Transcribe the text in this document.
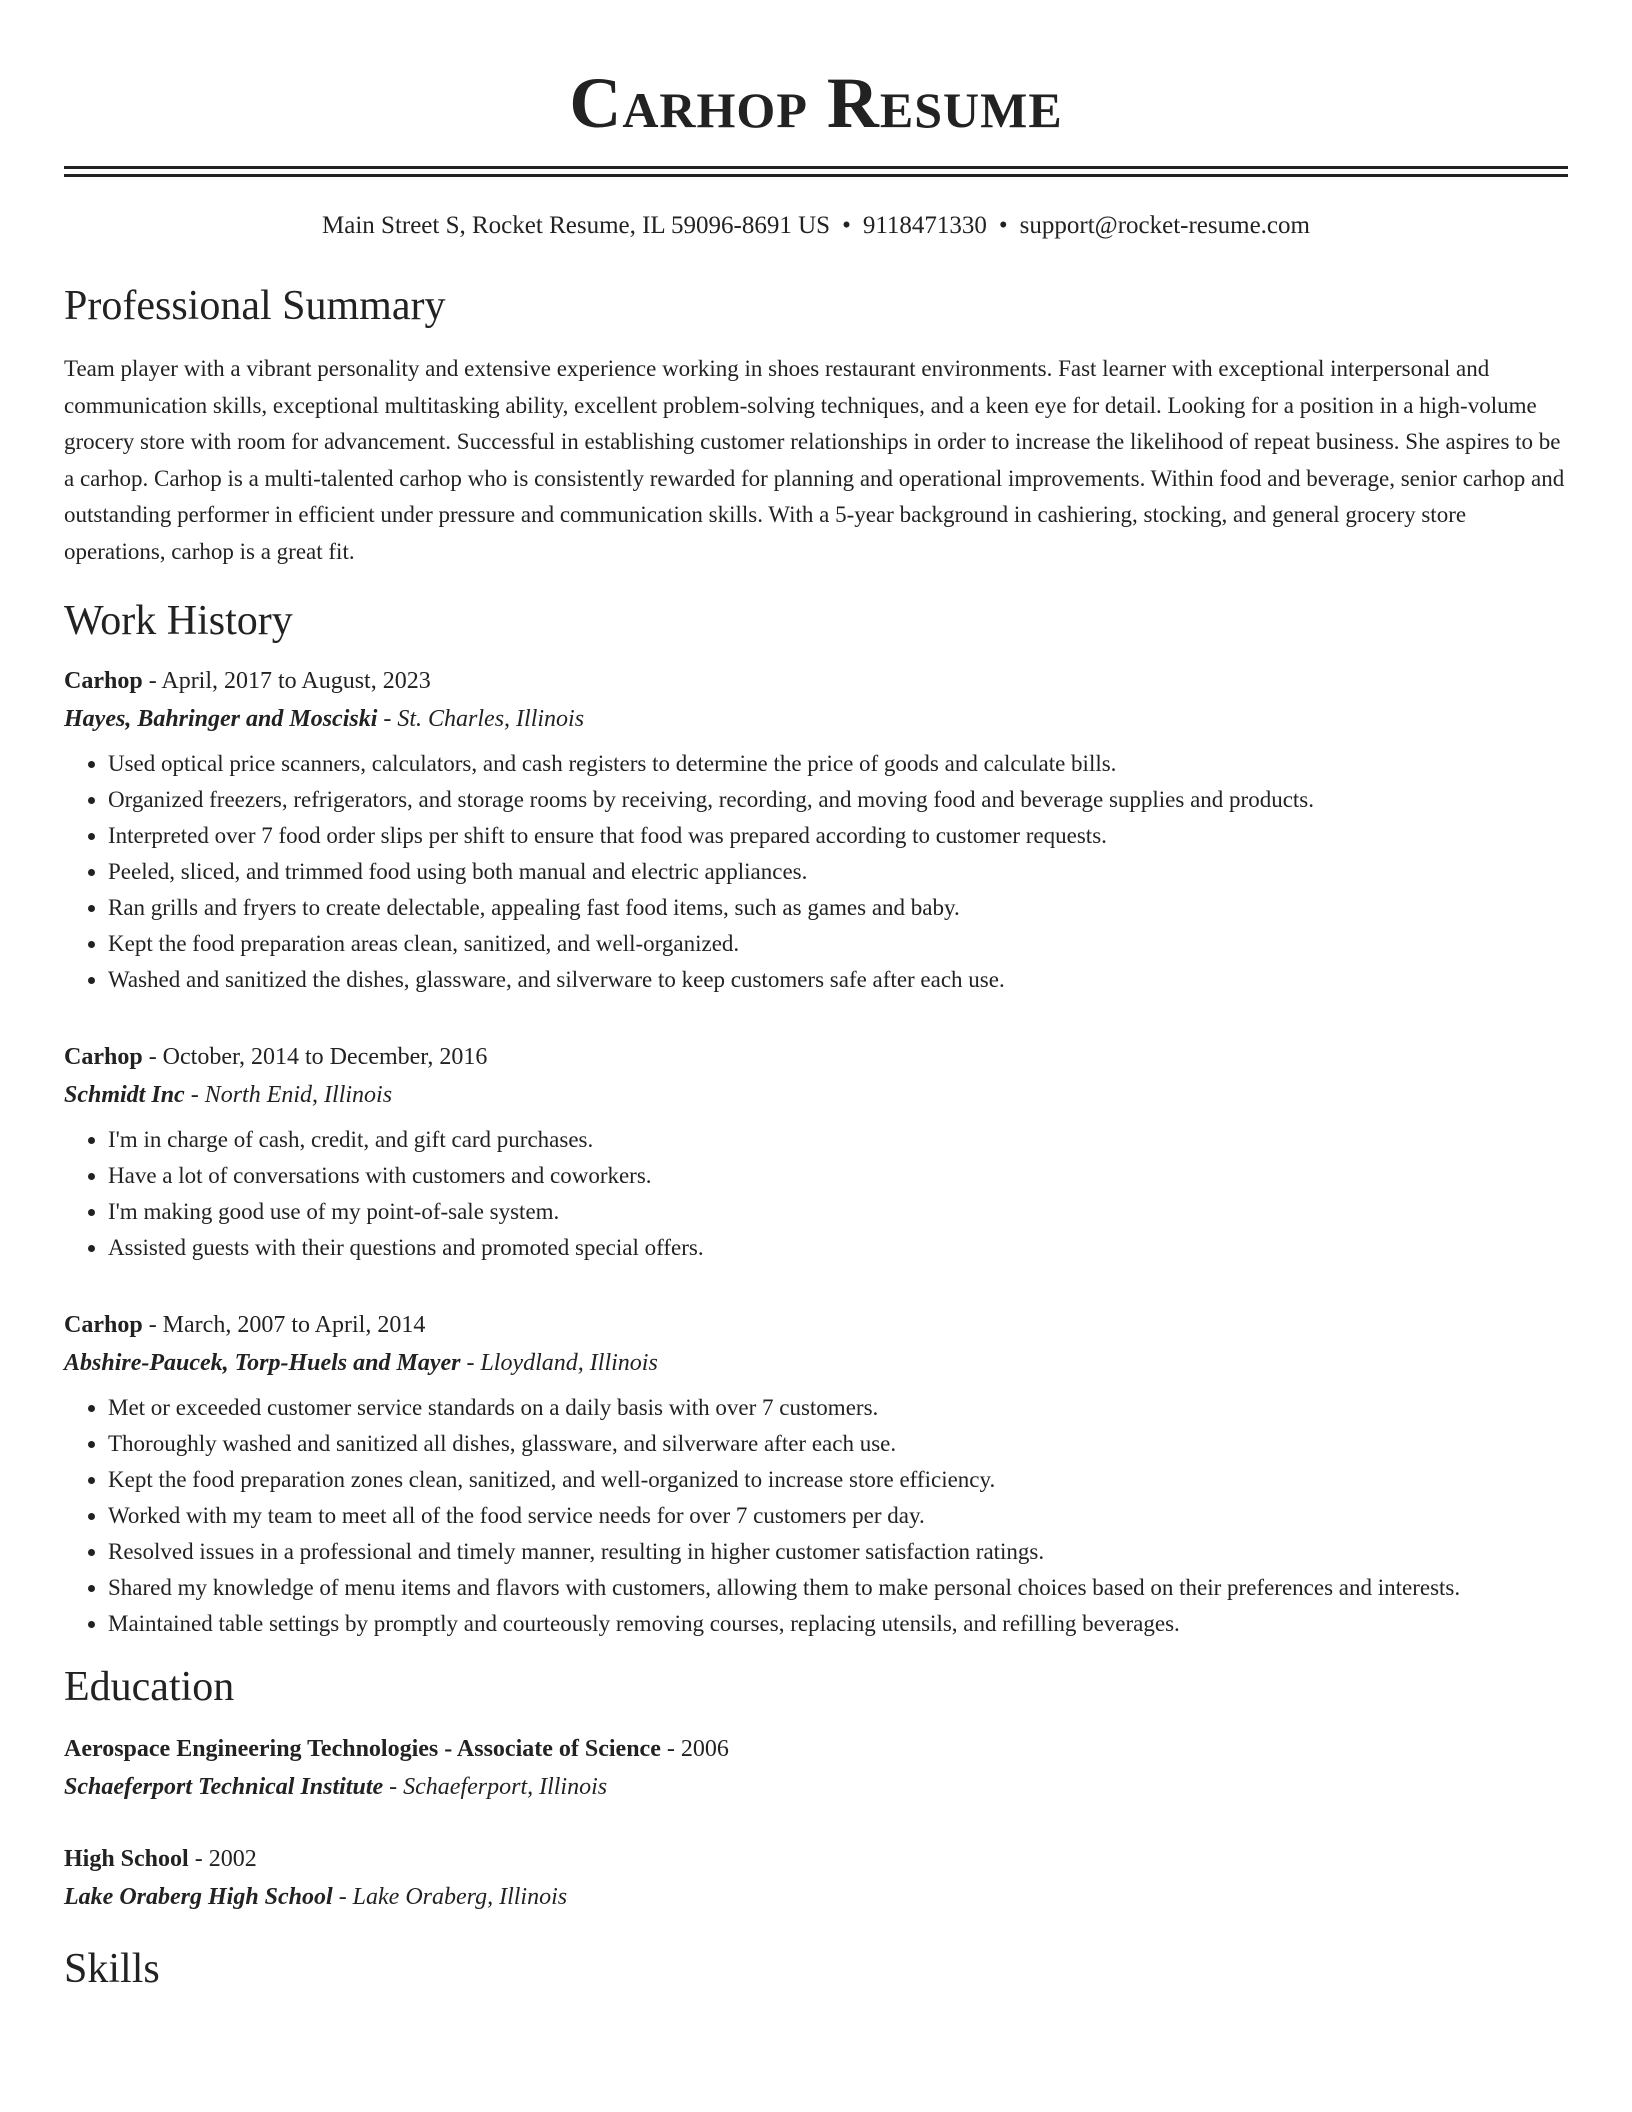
Carhop Resume
Main Street S, Rocket Resume, IL 59096-8691 US • 9118471330 • support@rocket-resume.com
Professional Summary

Team player with a vibrant personality and extensive experience working in shoes restaurant environments. Fast learner with exceptional interpersonal and communication skills, exceptional multitasking ability, excellent problem-solving techniques, and a keen eye for detail. Looking for a position in a high-volume grocery store with room for advancement. Successful in establishing customer relationships in order to increase the likelihood of repeat business. She aspires to be a carhop. Carhop is a multi-talented carhop who is consistently rewarded for planning and operational improvements. Within food and beverage, senior carhop and outstanding performer in efficient under pressure and communication skills. With a 5-year background in cashiering, stocking, and general grocery store operations, carhop is a great fit.

Work History
Carhop - April, 2017 to August, 2023
Hayes, Bahringer and Mosciski - St. Charles, Illinois
• Used optical price scanners, calculators, and cash registers to determine the price of goods and calculate bills.
• Organized freezers, refrigerators, and storage rooms by receiving, recording, and moving food and beverage supplies and products.
• Interpreted over 7 food order slips per shift to ensure that food was prepared according to customer requests.
• Peeled, sliced, and trimmed food using both manual and electric appliances.
• Ran grills and fryers to create delectable, appealing fast food items, such as games and baby.
• Kept the food preparation areas clean, sanitized, and well-organized.
• Washed and sanitized the dishes, glassware, and silverware to keep customers safe after each use.
Carhop - October, 2014 to December, 2016
Schmidt Inc - North Enid, Illinois
• I'm in charge of cash, credit, and gift card purchases.
• Have a lot of conversations with customers and coworkers.
• I'm making good use of my point-of-sale system.
• Assisted guests with their questions and promoted special offers.
Carhop - March, 2007 to April, 2014
Abshire-Paucek, Torp-Huels and Mayer - Lloydland, Illinois
• Met or exceeded customer service standards on a daily basis with over 7 customers.
• Thoroughly washed and sanitized all dishes, glassware, and silverware after each use.
• Kept the food preparation zones clean, sanitized, and well-organized to increase store efficiency.
• Worked with my team to meet all of the food service needs for over 7 customers per day.
• Resolved issues in a professional and timely manner, resulting in higher customer satisfaction ratings.
• Shared my knowledge of menu items and flavors with customers, allowing them to make personal choices based on their preferences and interests.
• Maintained table settings by promptly and courteously removing courses, replacing utensils, and refilling beverages.
Education
Aerospace Engineering Technologies - Associate of Science - 2006
Schaeferport Technical Institute - Schaeferport, Illinois
High School - 2002
Lake Oraberg High School - Lake Oraberg, Illinois
Skills
